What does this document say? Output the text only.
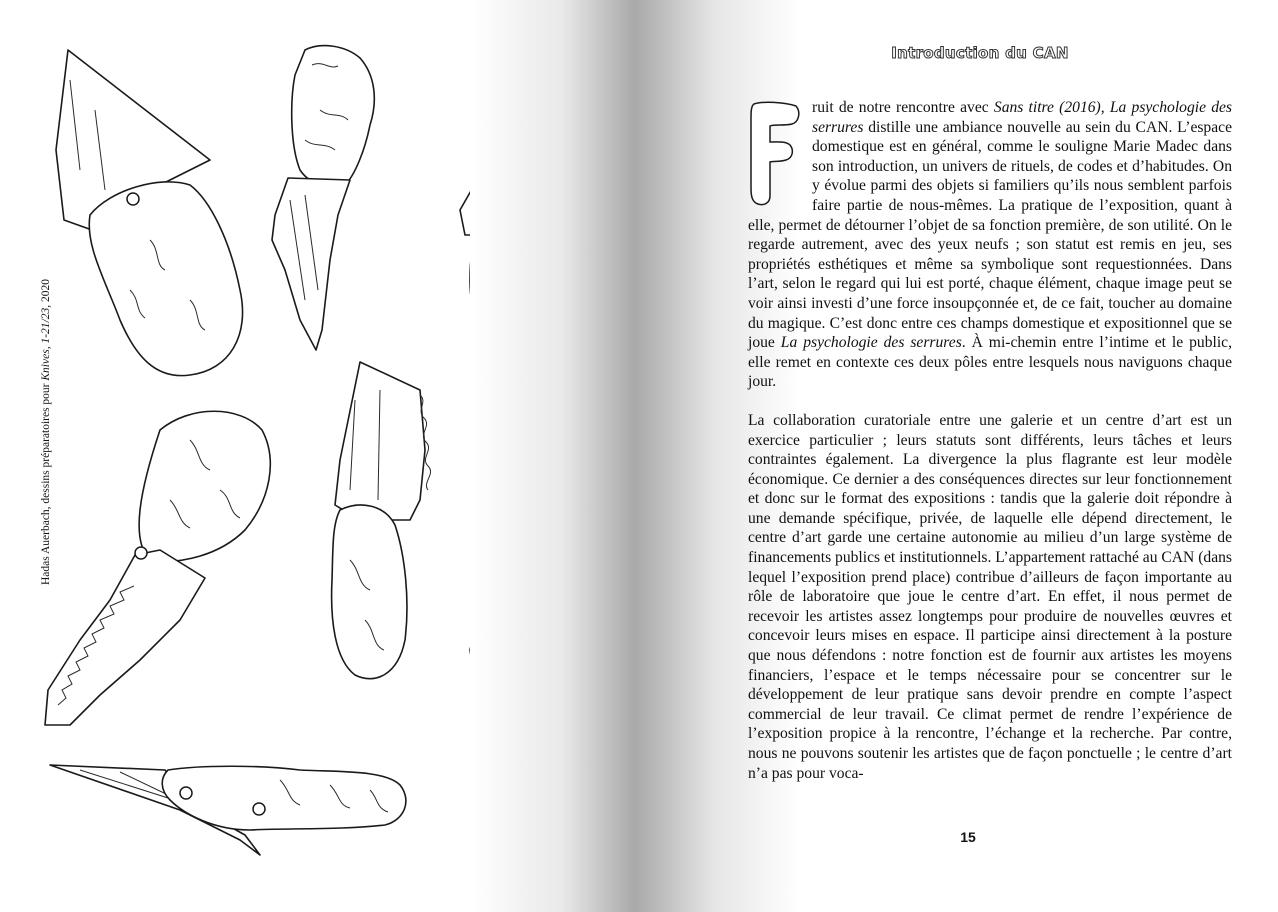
Hadas Auerbach, dessins préparatoires pour Knives, 1-21/23, 2020
Introduction du CAN

ruit de notre rencontre avec Sans titre (2016), La psychologie des serrures distille une ambiance nouvelle au sein du CAN. L’espace domestique est en général, comme le souligne Marie Madec dans son introduction, un univers de rituels, de codes et d’habitudes. On y évolue parmi des objets si familiers qu’ils nous semblent parfois faire partie de nous-mêmes. La pratique de l’exposition, quant à elle, permet de détourner l’objet de sa fonction première, de son utilité. On le regarde autrement, avec des yeux neufs ; son statut est remis en jeu, ses propriétés esthétiques et même sa symbolique sont requestionnées. Dans l’art, selon le regard qui lui est porté, chaque élément, chaque image peut se voir ainsi investi d’une force insoupçonnée et, de ce fait, toucher au domaine du magique. C’est donc entre ces champs domestique et expositionnel que se joue La psychologie des serrures. À mi-chemin entre l’intime et le public, elle remet en contexte ces deux pôles entre lesquels nous naviguons chaque jour.

La collaboration curatoriale entre une galerie et un centre d’art est un exercice particulier ; leurs statuts sont différents, leurs tâches et leurs contraintes également. La divergence la plus flagrante est leur modèle économique. Ce dernier a des conséquences directes sur leur fonctionnement et donc sur le format des expositions : tandis que la galerie doit répondre à une demande spécifique, privée, de laquelle elle dépend directement, le centre d’art garde une certaine autonomie au milieu d’un large système de financements publics et institutionnels. L’appartement rattaché au CAN (dans lequel l’exposition prend place) contribue d’ailleurs de façon importante au rôle de laboratoire que joue le centre d’art. En effet, il nous permet de recevoir les artistes assez longtemps pour produire de nouvelles œuvres et concevoir leurs mises en espace. Il participe ainsi directement à la posture que nous défendons : notre fonction est de fournir aux artistes les moyens financiers, l’espace et le temps nécessaire pour se concentrer sur le développement de leur pratique sans devoir prendre en compte l’aspect commercial de leur travail. Ce climat permet de rendre l’expérience de l’exposition propice à la rencontre, l’échange et la recherche. Par contre, nous ne pouvons soutenir les artistes que de façon ponctuelle ; le centre d’art n’a pas pour voca-

15
